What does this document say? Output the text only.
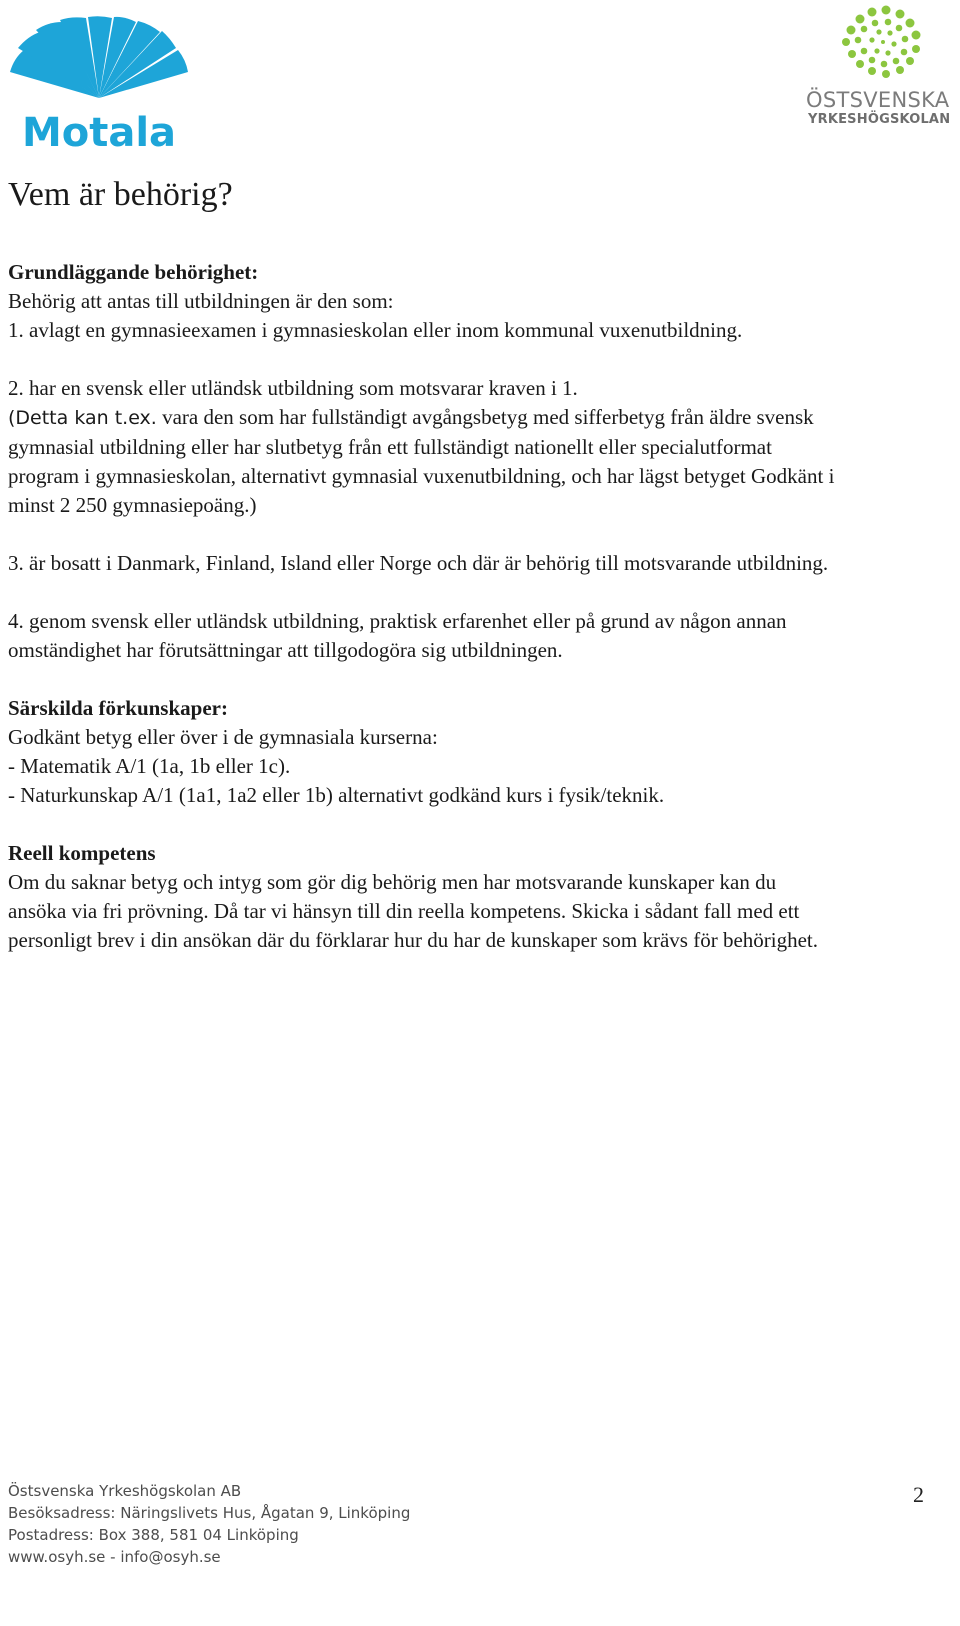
Motala
ÖSTSVENSKA
YRKESHÖGSKOLAN
Vem är behörig?

Grundläggande behörighet:

Behörig att antas till utbildningen är den som:

1. avlagt en gymnasieexamen i gymnasieskolan eller inom kommunal vuxenutbildning.

2. har en svensk eller utländsk utbildning som motsvarar kraven i 1.

(Detta kan t.ex. vara den som har fullständigt avgångsbetyg med sifferbetyg från äldre svensk

gymnasial utbildning eller har slutbetyg från ett fullständigt nationellt eller specialutformat

program i gymnasieskolan, alternativt gymnasial vuxenutbildning, och har lägst betyget Godkänt i

minst 2 250 gymnasiepoäng.)

3. är bosatt i Danmark, Finland, Island eller Norge och där är behörig till motsvarande utbildning.

4. genom svensk eller utländsk utbildning, praktisk erfarenhet eller på grund av någon annan

omständighet har förutsättningar att tillgodogöra sig utbildningen.

Särskilda förkunskaper:

Godkänt betyg eller över i de gymnasiala kurserna:

- Matematik A/1 (1a, 1b eller 1c).

- Naturkunskap A/1 (1a1, 1a2 eller 1b) alternativt godkänd kurs i fysik/teknik.

Reell kompetens

Om du saknar betyg och intyg som gör dig behörig men har motsvarande kunskaper kan du

ansöka via fri prövning. Då tar vi hänsyn till din reella kompetens. Skicka i sådant fall med ett

personligt brev i din ansökan där du förklarar hur du har de kunskaper som krävs för behörighet.

Östsvenska Yrkeshögskolan AB
Besöksadress: Näringslivets Hus, Ågatan 9, Linköping
Postadress: Box 388, 581 04 Linköping
www.osyh.se - info@osyh.se
2
